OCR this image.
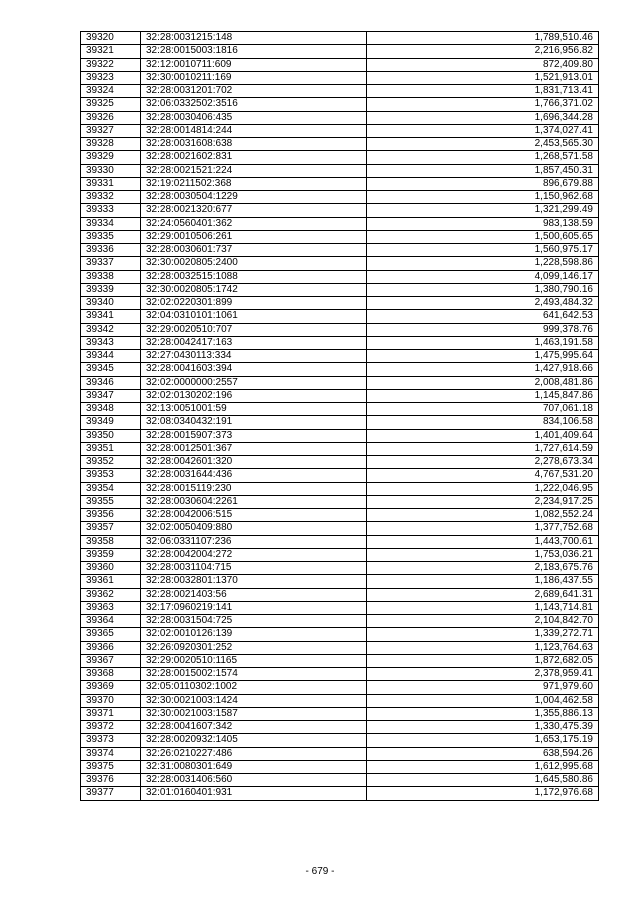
39320	32:28:0031215:148	1,789,510.46
39321	32:28:0015003:1816	2,216,956.82
39322	32:12:0010711:609	872,409.80
39323	32:30:0010211:169	1,521,913.01
39324	32:28:0031201:702	1,831,713.41
39325	32:06:0332502:3516	1,766,371.02
39326	32:28:0030406:435	1,696,344.28
39327	32:28:0014814:244	1,374,027.41
39328	32:28:0031608:638	2,453,565.30
39329	32:28:0021602:831	1,268,571.58
39330	32:28:0021521:224	1,857,450.31
39331	32:19:0211502:368	896,679.88
39332	32:28:0030504:1229	1,150,962.68
39333	32:28:0021320:677	1,321,299.49
39334	32:24:0560401:362	983,138.59
39335	32:29:0010506:261	1,500,605.65
39336	32:28:0030601:737	1,560,975.17
39337	32:30:0020805:2400	1,228,598.86
39338	32:28:0032515:1088	4,099,146.17
39339	32:30:0020805:1742	1,380,790.16
39340	32:02:0220301:899	2,493,484.32
39341	32:04:0310101:1061	641,642.53
39342	32:29:0020510:707	999,378.76
39343	32:28:0042417:163	1,463,191.58
39344	32:27:0430113:334	1,475,995.64
39345	32:28:0041603:394	1,427,918.66
39346	32:02:0000000:2557	2,008,481.86
39347	32:02:0130202:196	1,145,847.86
39348	32:13:0051001:59	707,061.18
39349	32:08:0340432:191	834,106.58
39350	32:28:0015907:373	1,401,409.64
39351	32:28:0012501:367	1,727,614.59
39352	32:28:0042601:320	2,278,673.34
39353	32:28:0031644:436	4,767,531.20
39354	32:28:0015119:230	1,222,046.95
39355	32:28:0030604:2261	2,234,917.25
39356	32:28:0042006:515	1,082,552.24
39357	32:02:0050409:880	1,377,752.68
39358	32:06:0331107:236	1,443,700.61
39359	32:28:0042004:272	1,753,036.21
39360	32:28:0031104:715	2,183,675.76
39361	32:28:0032801:1370	1,186,437.55
39362	32:28:0021403:56	2,689,641.31
39363	32:17:0960219:141	1,143,714.81
39364	32:28:0031504:725	2,104,842.70
39365	32:02:0010126:139	1,339,272.71
39366	32:26:0920301:252	1,123,764.63
39367	32:29:0020510:1165	1,872,682.05
39368	32:28:0015002:1574	2,378,959.41
39369	32:05:0110302:1002	971,979.60
39370	32:30:0021003:1424	1,004,462.58
39371	32:30:0021003:1587	1,355,886.13
39372	32:28:0041607:342	1,330,475.39
39373	32:28:0020932:1405	1,653,175.19
39374	32:26:0210227:486	638,594.26
39375	32:31:0080301:649	1,612,995.68
39376	32:28:0031406:560	1,645,580.86
39377	32:01:0160401:931	1,172,976.68
- 679 -
